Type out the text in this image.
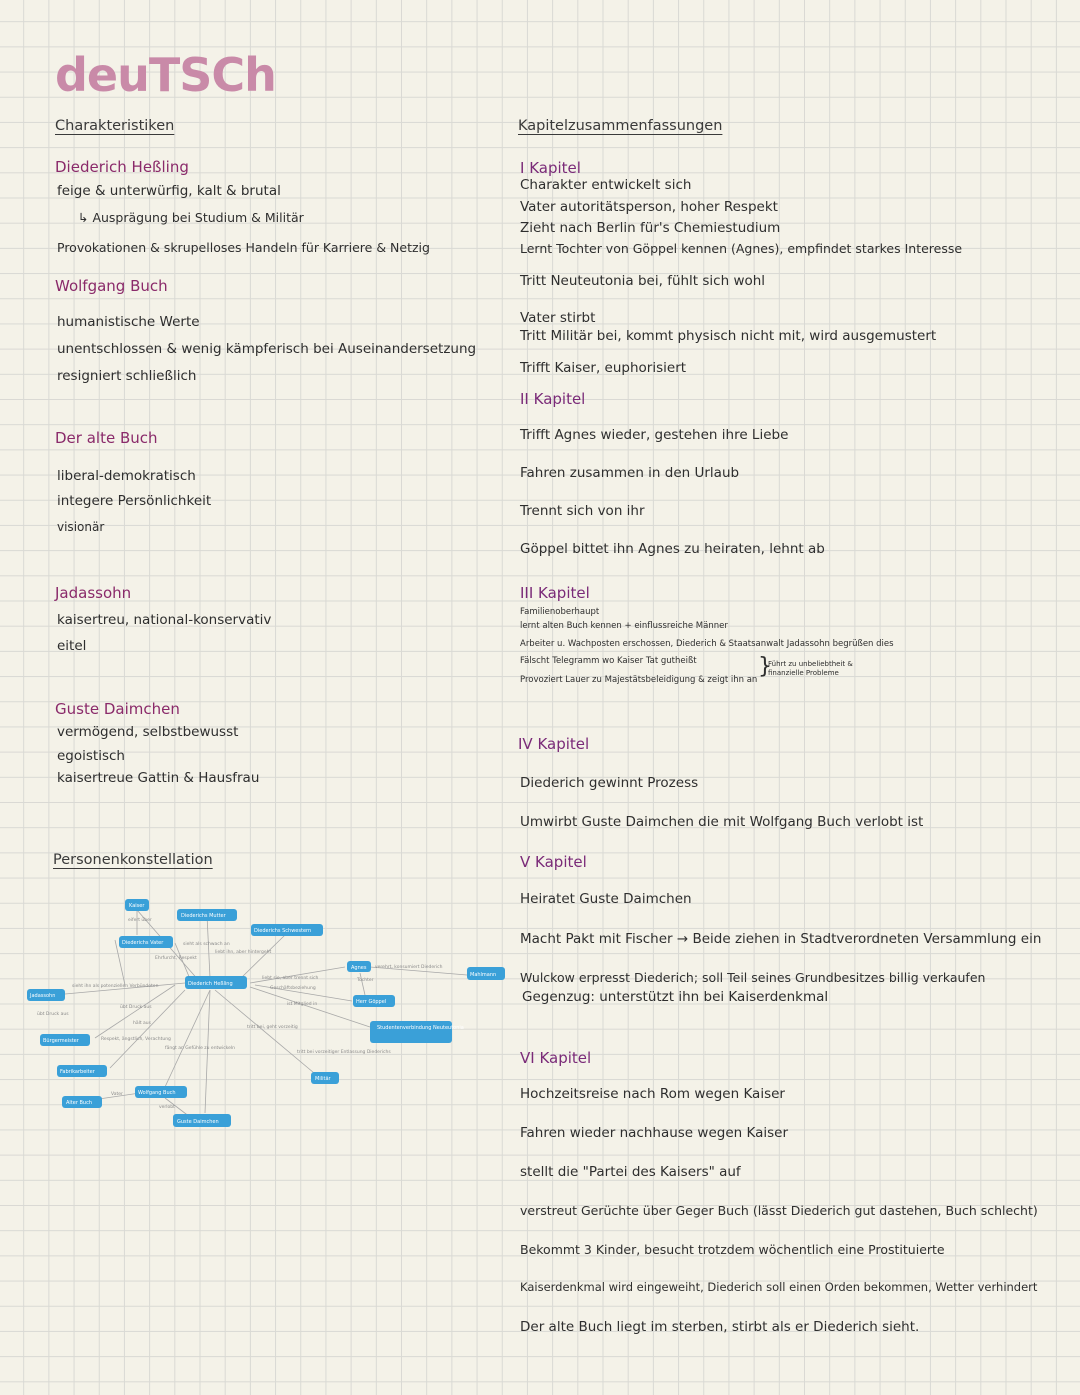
deuTSCh
Charakteristiken
Diederich Heßling
feige & unterwürfig, kalt & brutal
↳ Ausprägung bei Studium & Militär
Provokationen & skrupelloses Handeln für Karriere & Netzig
Wolfgang Buch
humanistische Werte
unentschlossen & wenig kämpferisch bei Auseinandersetzung
resigniert schließlich
Der alte Buch
liberal-demokratisch
integere Persönlichkeit
visionär
Jadassohn
kaisertreu, national-konservativ
eitel
Guste Daimchen
vermögend, selbstbewusst
egoistisch
kaisertreue Gattin & Hausfrau
Personenkonstellation
eifert über
sieht als schwach an
liebt ihn, aber hintergeht
Ehrfurcht, Respekt
verehrt, konsumiert Diederich
liebt sie, aber trennt sich	Tochter
Geschäftsbeziehung
ist Mitglied in
sieht ihn als potenziellen Verbündeten
übt Druck aus
übt Druck aus
hält aus
tritt bei, geht vorzeitig
Respekt, ängstlich, Verachtung
fängt an Gefühle zu entwickeln
tritt bei vorzeitiger Entlassung Diederichs
Vater
verlobt
Kaiser
Diederichs Mutter
Diederichs Schwestern
Diederichs Vater
Diederich Heßling
Agnes
Mahlmann
Jadassohn
Herr Göppel
Studentenverbindung Neuteutonia
Bürgermeister
Fabrikarbeiter
Militär
Alter Buch
Wolfgang Buch
Guste Daimchen
Kapitelzusammenfassungen
I Kapitel
Charakter entwickelt sich
Vater autoritätsperson, hoher Respekt
Zieht nach Berlin für's Chemiestudium
Lernt Tochter von Göppel kennen (Agnes), empfindet starkes Interesse
Tritt Neuteutonia bei, fühlt sich wohl
Vater stirbt
Tritt Militär bei, kommt physisch nicht mit, wird ausgemustert
Trifft Kaiser, euphorisiert
II Kapitel
Trifft Agnes wieder, gestehen ihre Liebe
Fahren zusammen in den Urlaub
Trennt sich von ihr
Göppel bittet ihn Agnes zu heiraten, lehnt ab
III Kapitel
Familienoberhaupt
lernt alten Buch kennen + einflussreiche Männer
Arbeiter u. Wachposten erschossen, Diederich & Staatsanwalt Jadassohn begrüßen dies
Fälscht Telegramm wo Kaiser Tat gutheißt
Provoziert Lauer zu Majestätsbeleidigung & zeigt ihn an
}
Führt zu unbeliebtheit & finanzielle Probleme
IV Kapitel
Diederich gewinnt Prozess
Umwirbt Guste Daimchen die mit Wolfgang Buch verlobt ist
V Kapitel
Heiratet Guste Daimchen
Macht Pakt mit Fischer → Beide ziehen in Stadtverordneten Versammlung ein
Wulckow erpresst Diederich; soll Teil seines Grundbesitzes billig verkaufen
Gegenzug: unterstützt ihn bei Kaiserdenkmal
VI Kapitel
Hochzeitsreise nach Rom wegen Kaiser
Fahren wieder nachhause wegen Kaiser
stellt die "Partei des Kaisers" auf
verstreut Gerüchte über Geger Buch (lässt Diederich gut dastehen, Buch schlecht)
Bekommt 3 Kinder, besucht trotzdem wöchentlich eine Prostituierte
Kaiserdenkmal wird eingeweiht, Diederich soll einen Orden bekommen, Wetter verhindert
Der alte Buch liegt im sterben, stirbt als er Diederich sieht.
